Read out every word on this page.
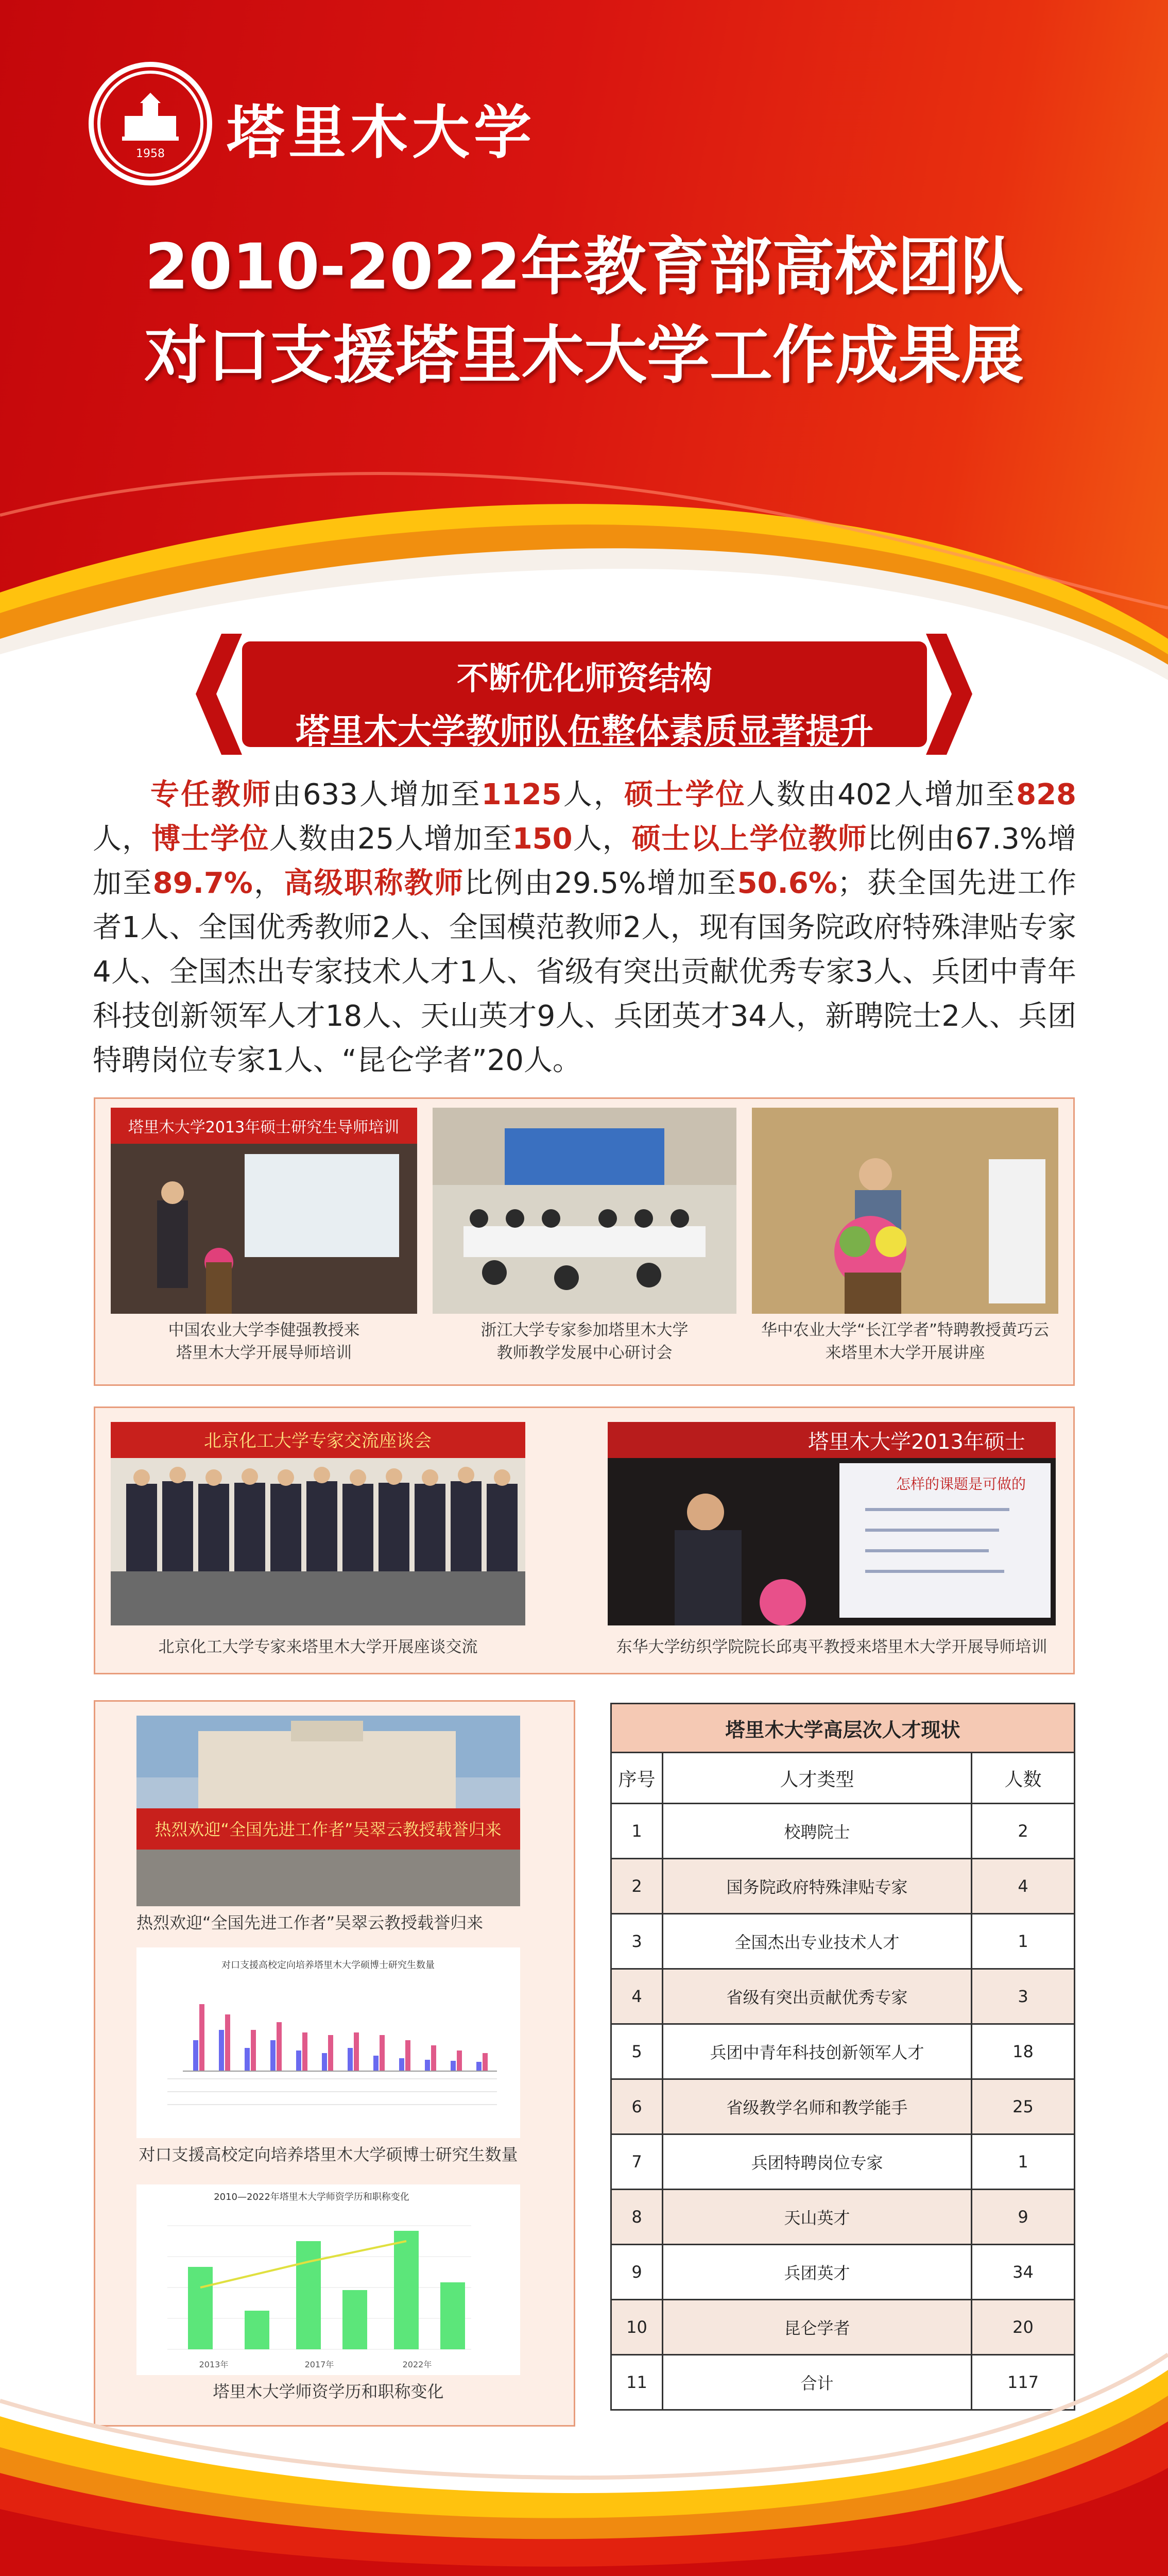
1958 塔里木大学
2010-2022年教育部高校团队
对口支援塔里木大学工作成果展
不断优化师资结构
塔里木大学教师队伍整体素质显著提升
专任教师由633人增加至1125人，硕士学位人数由402人增加至828人，博士学位人数由25人增加至150人，硕士以上学位教师比例由67.3%增加至89.7%，高级职称教师比例由29.5%增加至50.6%；获全国先进工作者1人、全国优秀教师2人、全国模范教师2人，现有国务院政府特殊津贴专家4人、全国杰出专家技术人才1人、省级有突出贡献优秀专家3人、兵团中青年科技创新领军人才18人、天山英才9人、兵团英才34人，新聘院士2人、兵团特聘岗位专家1人、“昆仑学者”20人。
塔里木大学2013年硕士研究生导师培训
中国农业大学李健强教授来
塔里木大学开展导师培训
浙江大学专家参加塔里木大学
教师教学发展中心研讨会
华中农业大学“长江学者”特聘教授黄巧云
来塔里木大学开展讲座
北京化工大学专家交流座谈会
北京化工大学专家来塔里木大学开展座谈交流
塔里木大学2013年硕士
怎样的课题是可做的
东华大学纺织学院院长邱夷平教授来塔里木大学开展导师培训
热烈欢迎“全国先进工作者”吴翠云教授载誉归来
热烈欢迎“全国先进工作者”吴翠云教授载誉归来
对口支援高校定向培养塔里木大学硕博士研究生数量
对口支援高校定向培养塔里木大学硕博士研究生数量
2010—2022年塔里木大学师资学历和职称变化
2013年	2017年	2022年
塔里木大学师资学历和职称变化
塔里木大学高层次人才现状		
序号	人才类型	人数
1	校聘院士	2
2	国务院政府特殊津贴专家	4
3	全国杰出专业技术人才	1
4	省级有突出贡献优秀专家	3
5	兵团中青年科技创新领军人才	18
6	省级教学名师和教学能手	25
7	兵团特聘岗位专家	1
8	天山英才	9
9	兵团英才	34
10	昆仑学者	20
11	合计	117
